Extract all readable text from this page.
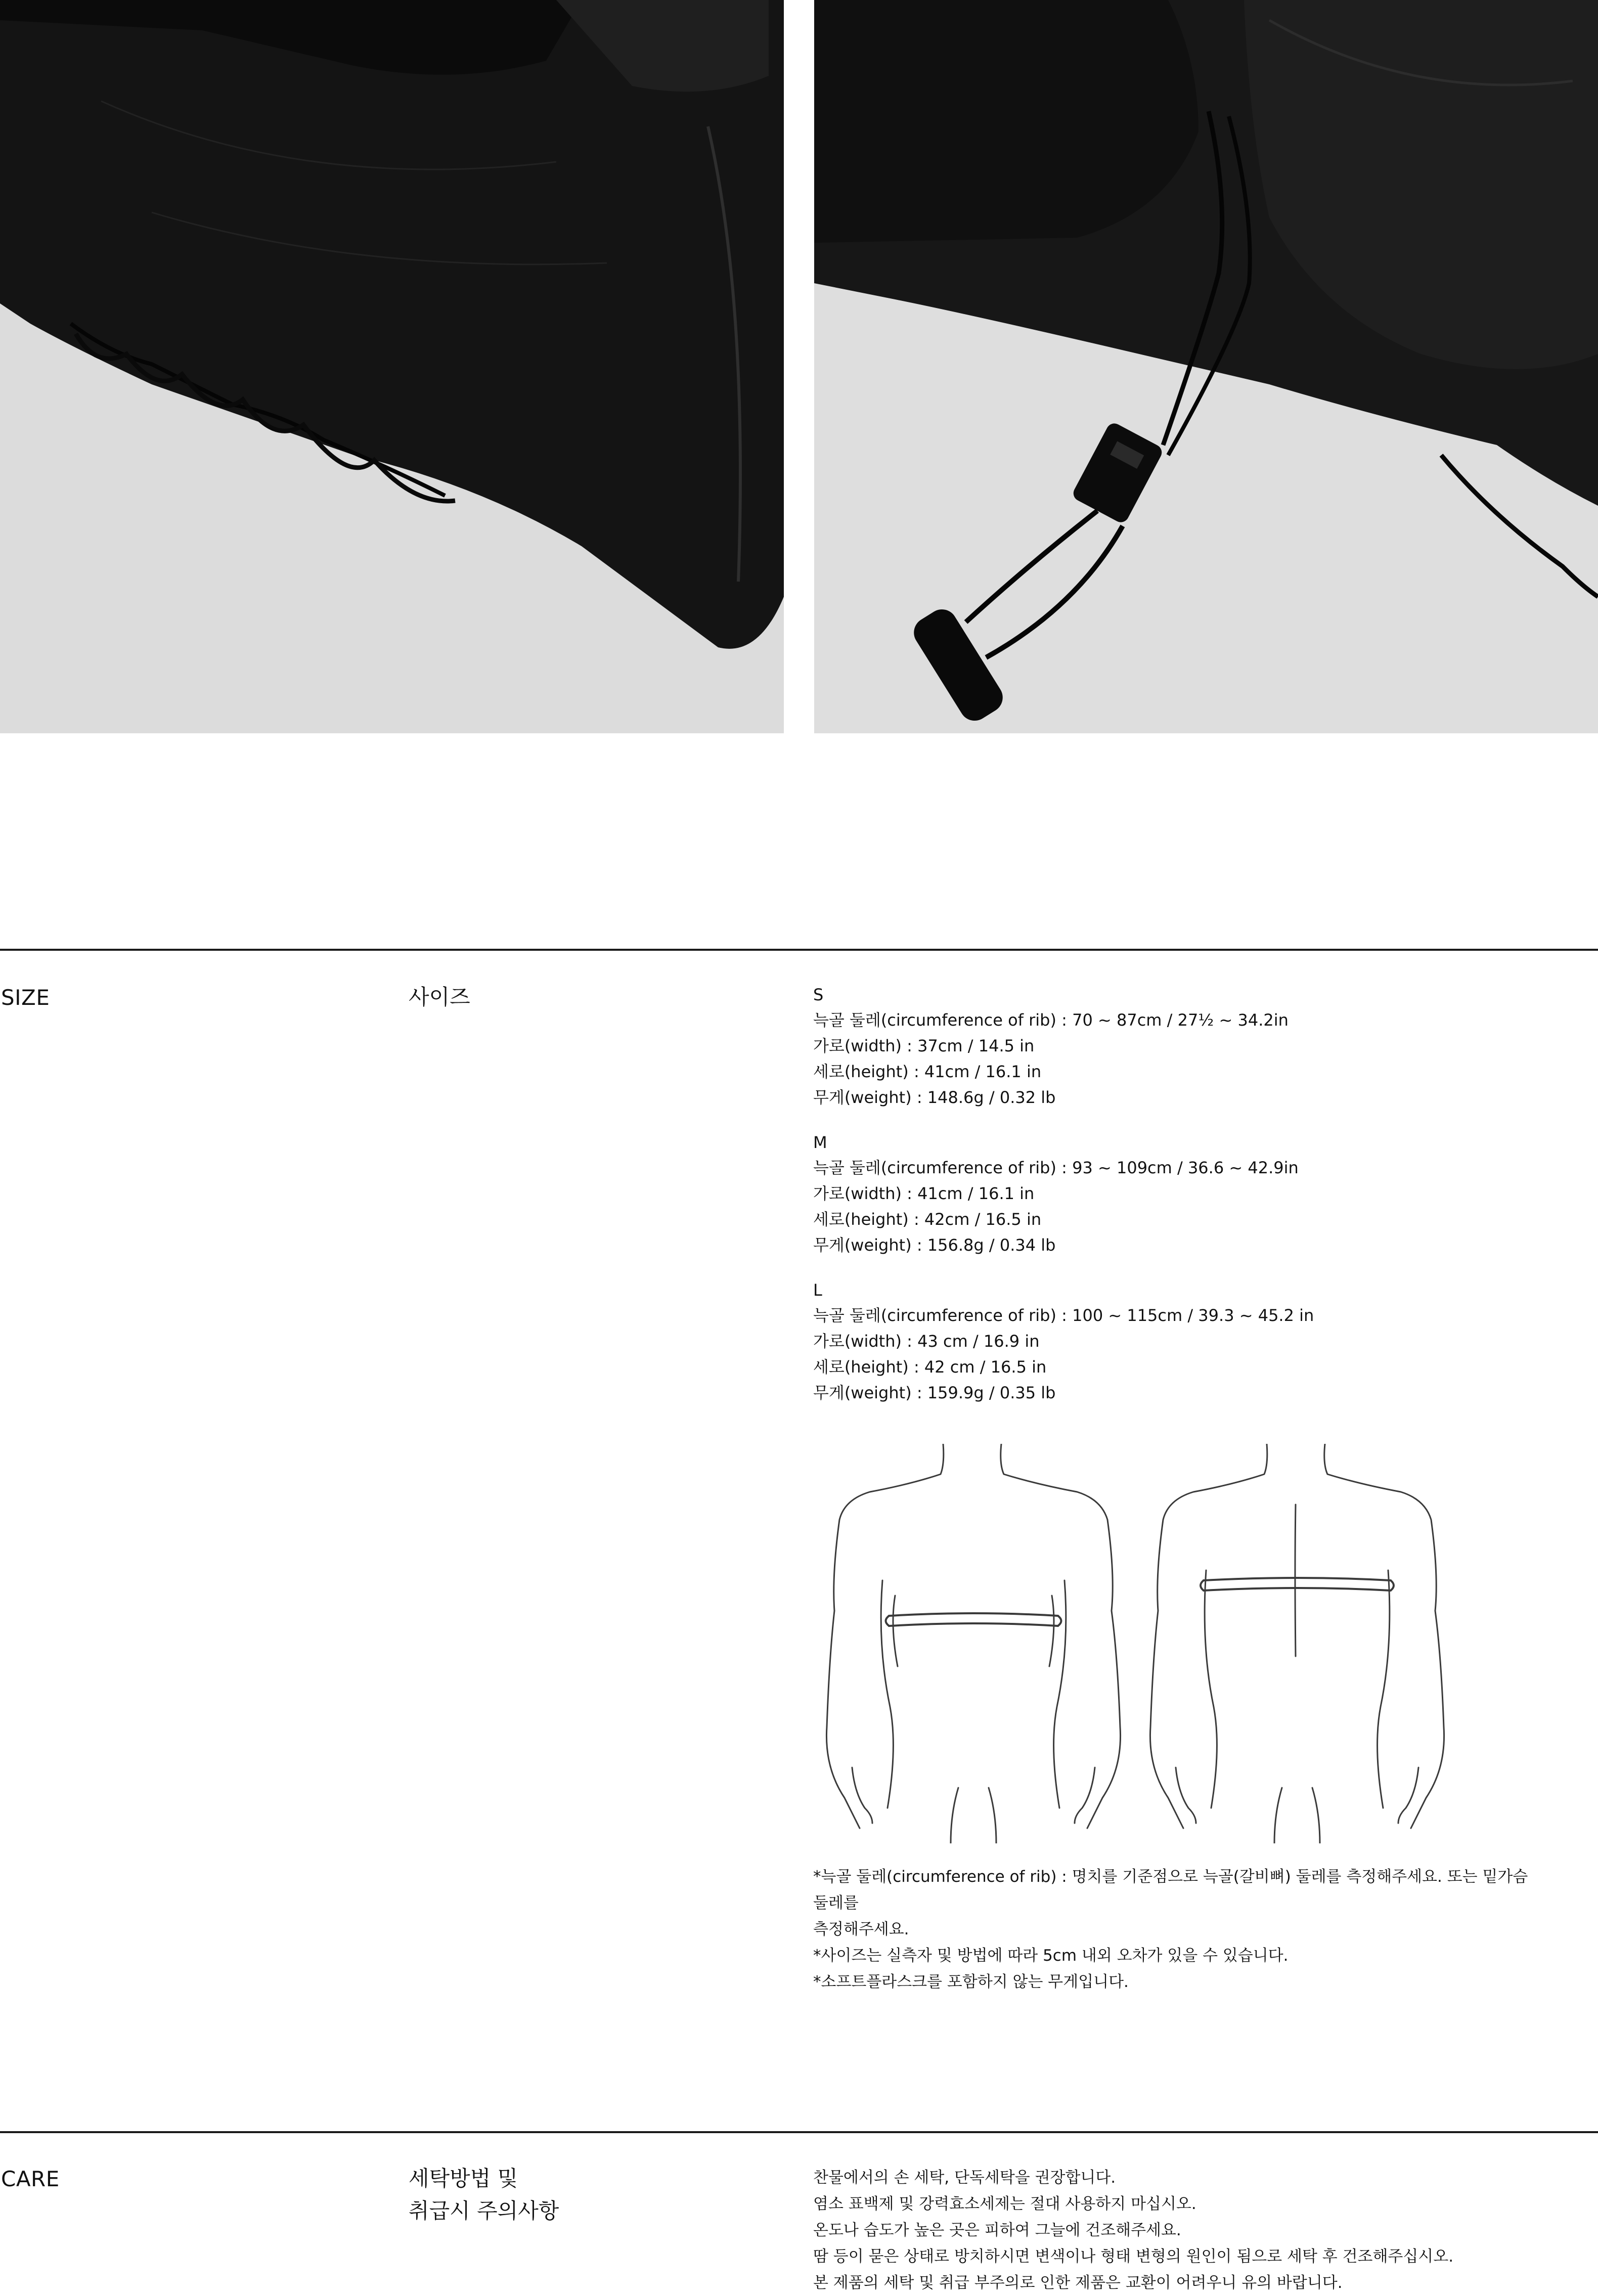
SIZE	사이즈	S
늑골 둘레(circumference of rib) : 70 ~ 87cm / 27½ ~ 34.2in
가로(width) : 37cm / 14.5 in
세로(height) : 41cm / 16.1 in
무게(weight) : 148.6g / 0.32 lb
M
늑골 둘레(circumference of rib) : 93 ~ 109cm / 36.6 ~ 42.9in
가로(width) : 41cm / 16.1 in
세로(height) : 42cm / 16.5 in
무게(weight) : 156.8g / 0.34 lb
L
늑골 둘레(circumference of rib) : 100 ~ 115cm / 39.3 ~ 45.2 in
가로(width) : 43 cm / 16.9 in
세로(height) : 42 cm / 16.5 in
무게(weight) : 159.9g / 0.35 lb
*늑골 둘레(circumference of rib) : 명치를 기준점으로 늑골(갈비뼈) 둘레를 측정해주세요. 또는 밑가슴둘레를
측정해주세요.
*사이즈는 실측자 및 방법에 따라 5cm 내외 오차가 있을 수 있습니다.
*소프트플라스크를 포함하지 않는 무게입니다.
CARE	세탁방법 및
취급시 주의사항
찬물에서의 손 세탁, 단독세탁을 권장합니다.
염소 표백제 및 강력효소세제는 절대 사용하지 마십시오.
온도나 습도가 높은 곳은 피하여 그늘에 건조해주세요.
땀 등이 묻은 상태로 방치하시면 변색이나 형태 변형의 원인이 됨으로 세탁 후 건조해주십시오.
본 제품의 세탁 및 취급 부주의로 인한 제품은 교환이 어려우니 유의 바랍니다.
